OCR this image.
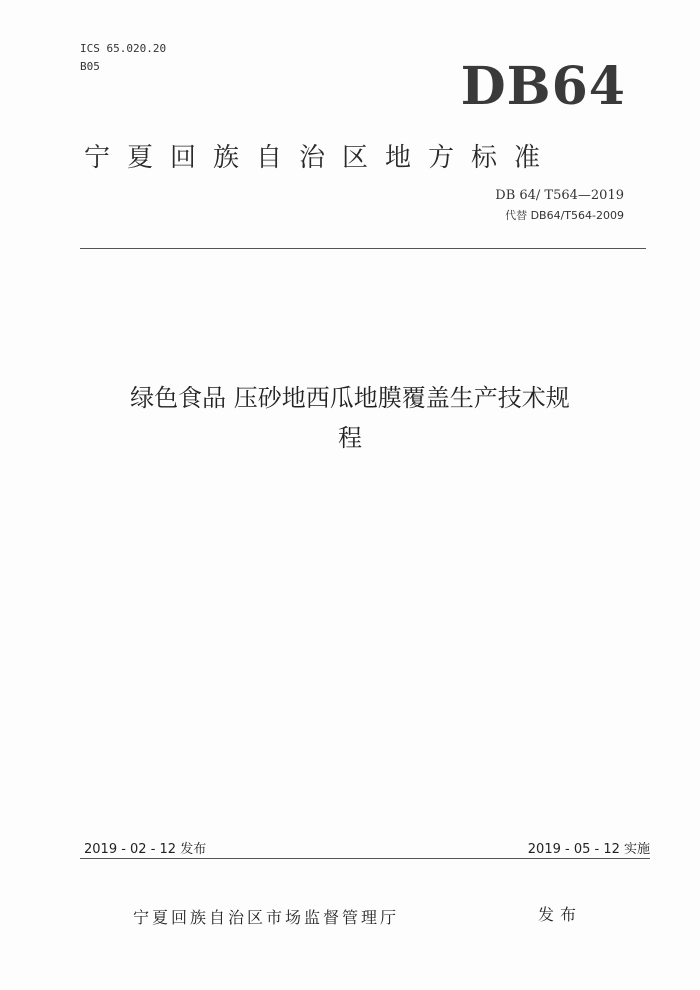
ICS 65.020.20
B05	DB64
宁夏回族自治区地方标准
DB 64/ T564—2019
代替 DB64/T564-2009
绿色食品 压砂地西瓜地膜覆盖生产技术规
程
2019 - 02 - 12 发布	2019 - 05 - 12 实施
宁夏回族自治区市场监督管理厅	发布
